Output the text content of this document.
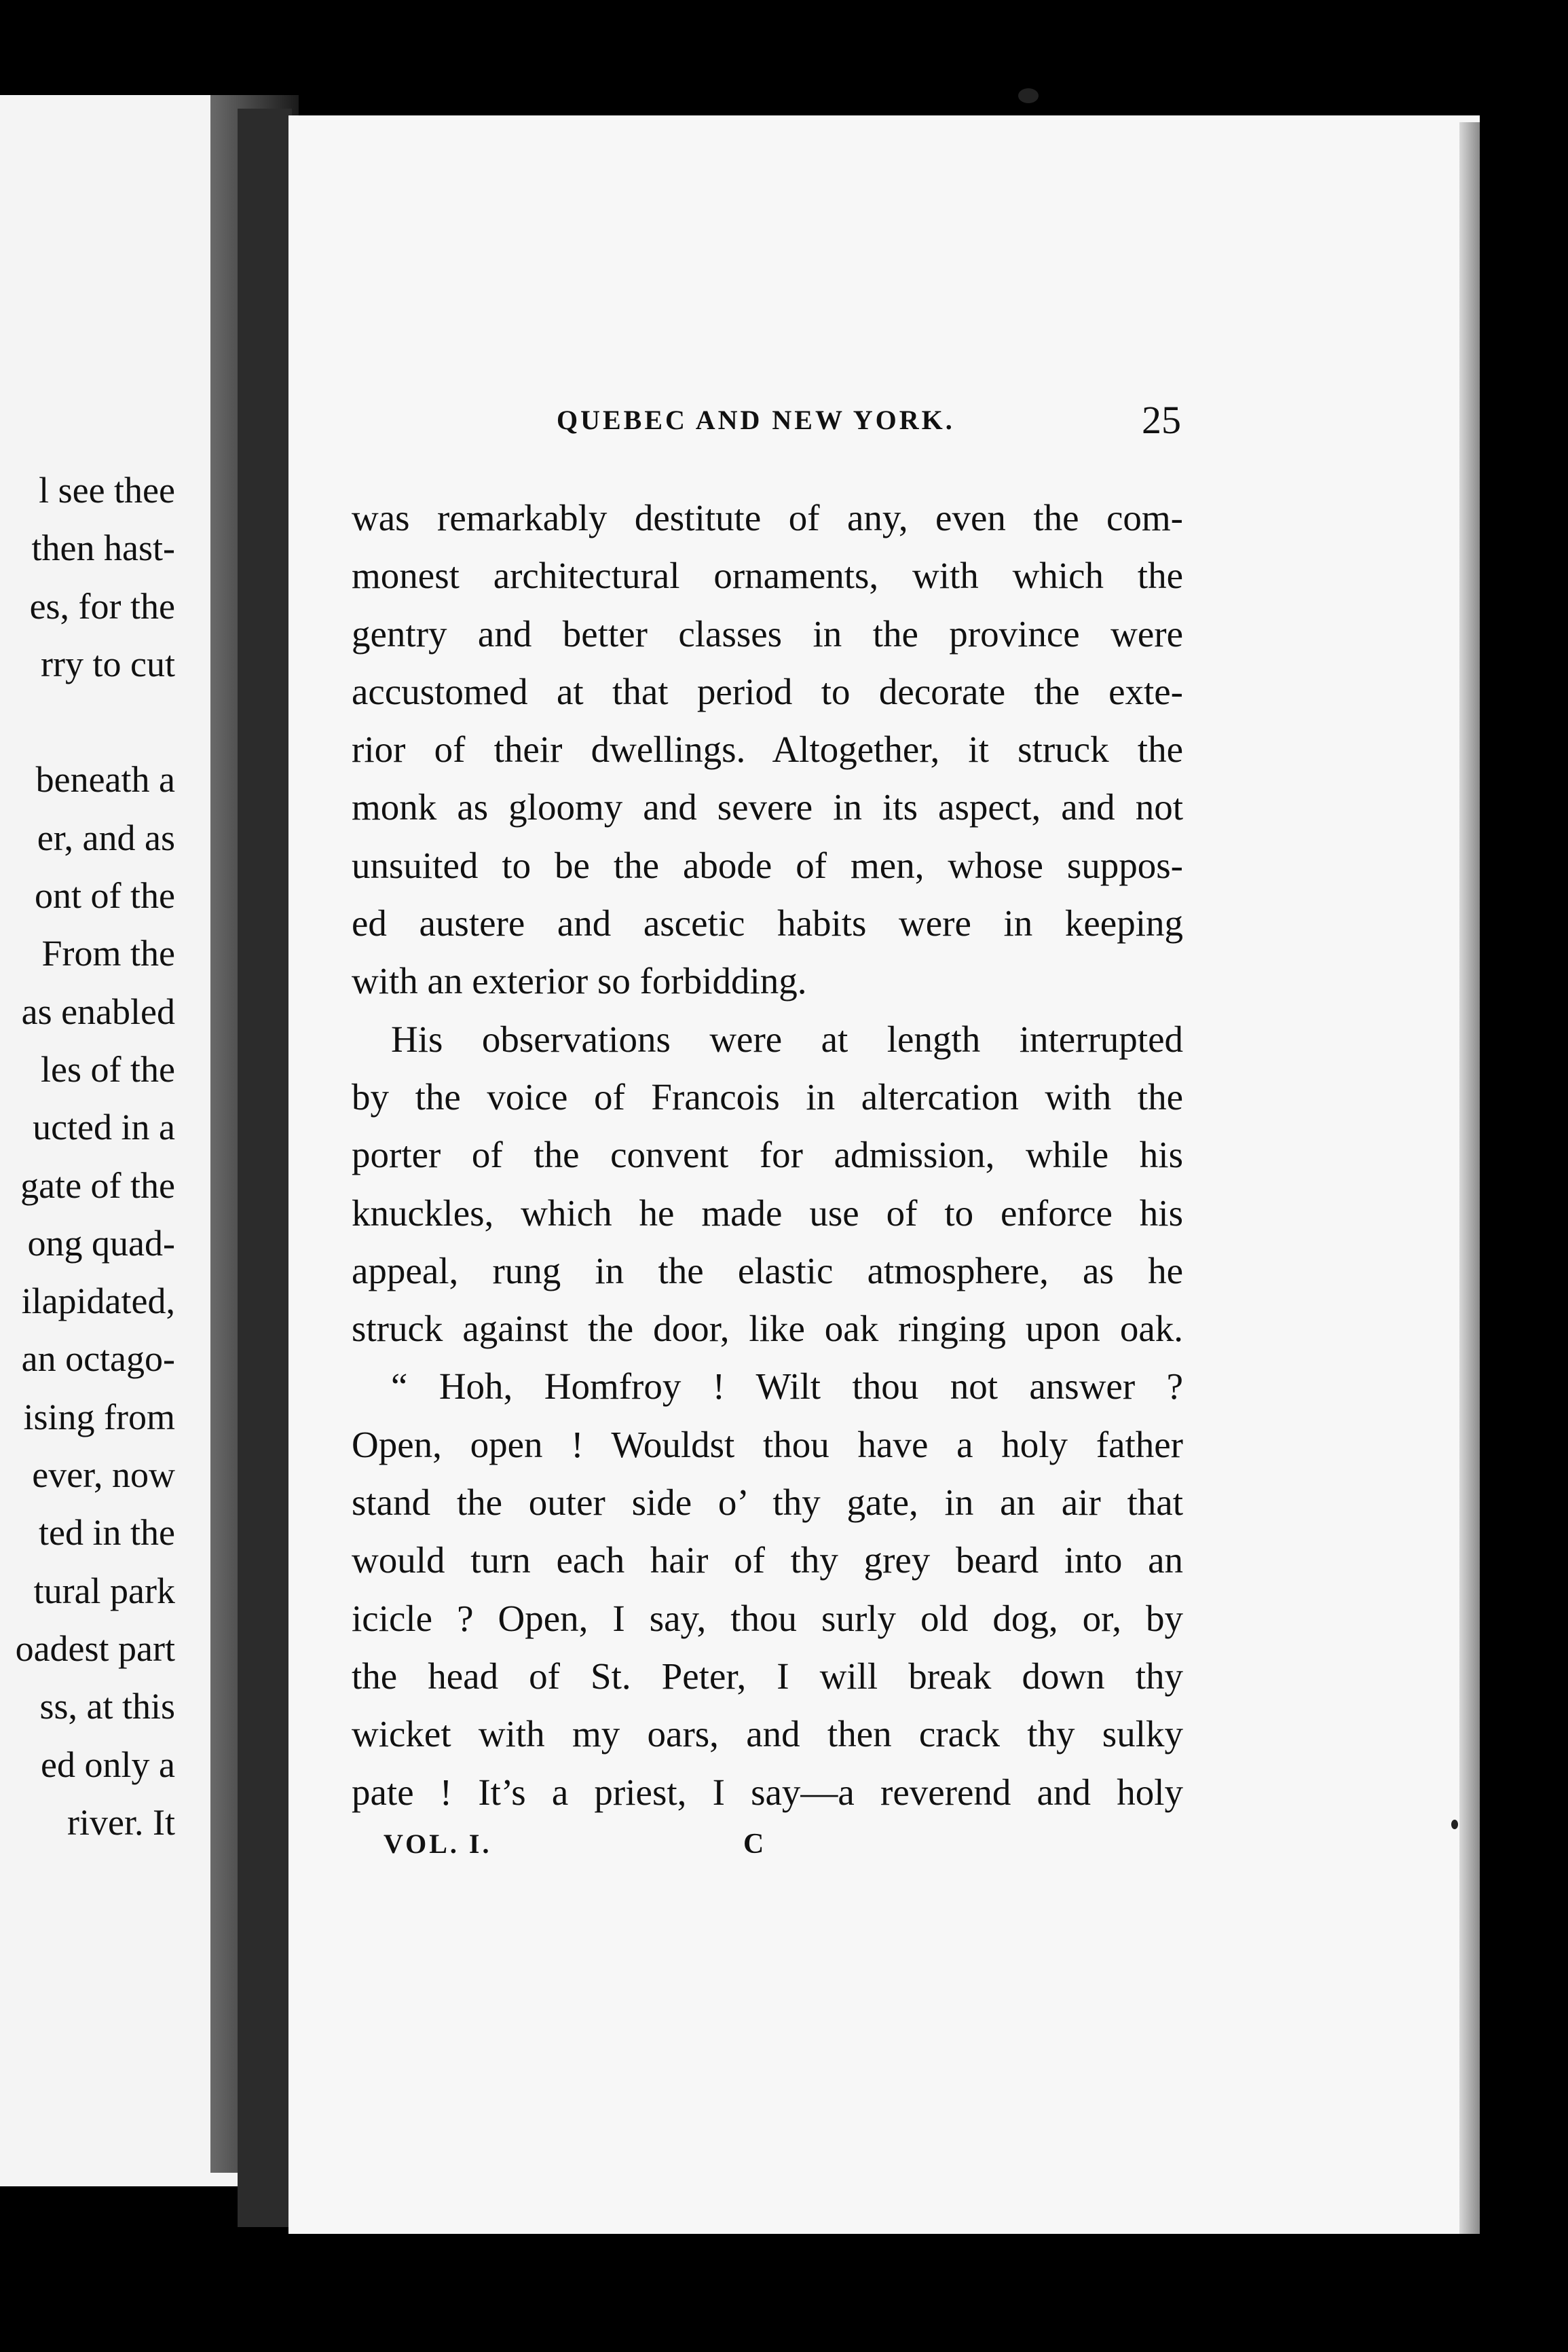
l see thee
then hast-
es, for the
rry to cut
beneath a
er, and as
ont of the
From the
as enabled
les of the
ucted in a
gate of the
ong quad-
ilapidated,
an octago-
ising from
ever, now
ted in the
tural park
oadest part
ss, at this
ed only a
river. It
QUEBEC AND NEW YORK.	25
was remarkably destitute of any, even the com-
monest architectural ornaments, with which the
gentry and better classes in the province were
accustomed at that period to decorate the exte-
rior of their dwellings. Altogether, it struck the
monk as gloomy and severe in its aspect, and not
unsuited to be the abode of men, whose suppos-
ed austere and ascetic habits were in keeping
with an exterior so forbidding.
His observations were at length interrupted
by the voice of Francois in altercation with the
porter of the convent for admission, while his
knuckles, which he made use of to enforce his
appeal, rung in the elastic atmosphere, as he
struck against the door, like oak ringing upon oak.
“ Hoh, Homfroy ! Wilt thou not answer ?
Open, open ! Wouldst thou have a holy father
stand the outer side o’ thy gate, in an air that
would turn each hair of thy grey beard into an
icicle ? Open, I say, thou surly old dog, or, by
the head of St. Peter, I will break down thy
wicket with my oars, and then crack thy sulky
pate ! It’s a priest, I say—a reverend and holy
VOL. I.	C
